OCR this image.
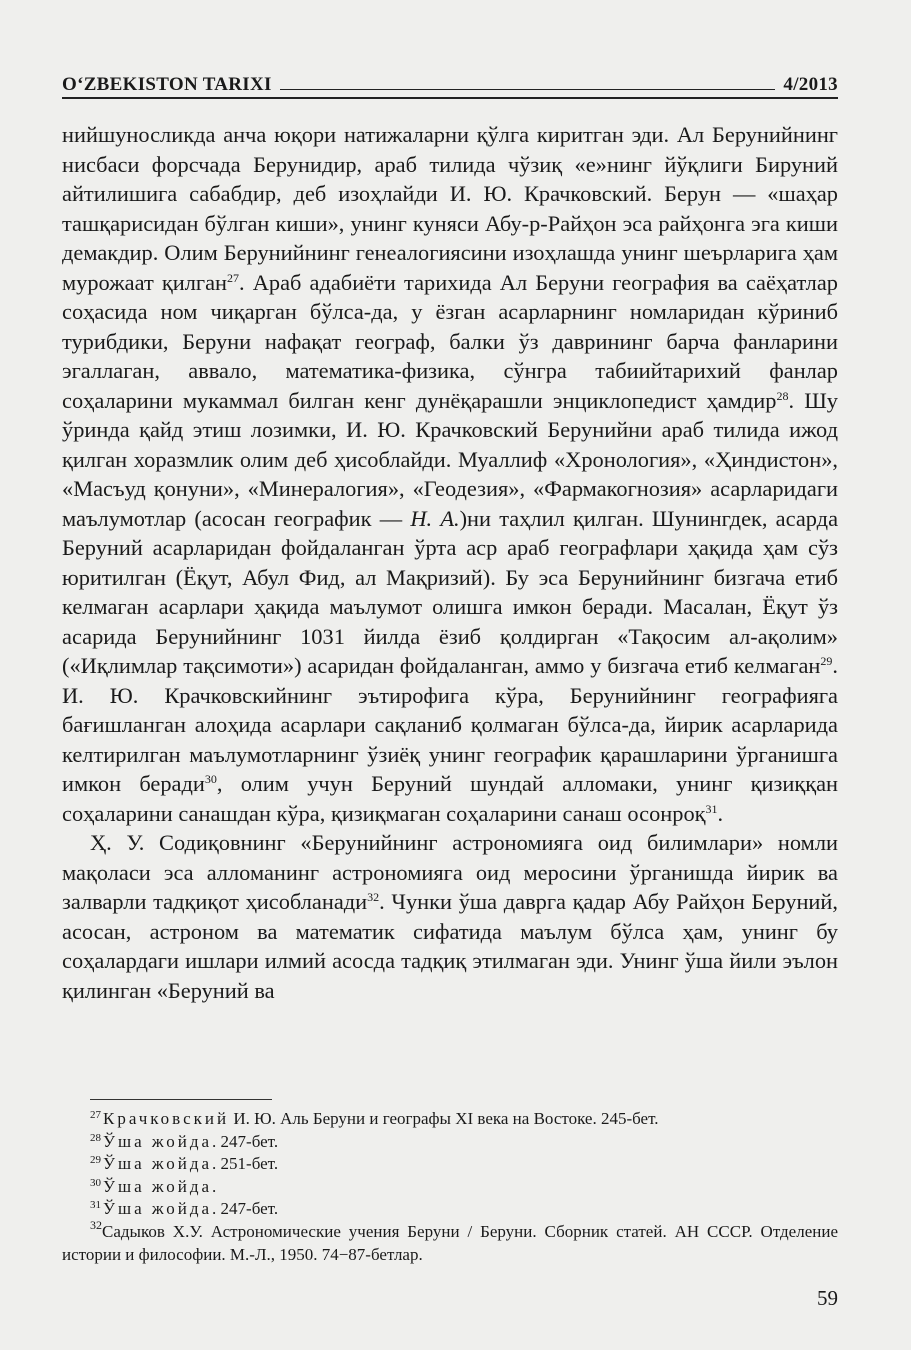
O‘ZBEKISTON TARIXI	4/2013

нийшуносликда анча юқори натижаларни қўлга киритган эди. Ал Берунийнинг нисбаси форсчада Берунидир, араб тилида чўзиқ «е»нинг йўқлиги Бируний айтилишига сабабдир, деб изоҳлайди И. Ю. Крачковский. Берун — «шаҳар ташқарисидан бўлган киши», унинг куняси Абу-р-Райҳон эса райҳонга эга киши демакдир. Олим Берунийнинг генеалогиясини изоҳлашда унинг шеърларига ҳам мурожаат қилган$^{27}$. Араб адабиёти тарихида Ал Беруни география ва саёҳатлар соҳасида ном чиқарган бўлса-да, у ёзган асарларнинг номларидан кўриниб турибдики, Беруни нафақат географ, балки ўз даврининг барча фанларини эгаллаган, аввало, математика-физика, сўнгра табиийтарихий фанлар соҳаларини мукаммал билган кенг дунёқарашли энциклопедист ҳамдир$^{28}$. Шу ўринда қайд этиш лозимки, И. Ю. Крачковский Берунийни араб тилида ижод қилган хоразмлик олим деб ҳисоблайди. Муаллиф «Хронология», «Ҳиндистон», «Масъуд қонуни», «Минералогия», «Геодезия», «Фармакогнозия» асарларидаги маълумотлар (асосан географик — Н. А.)ни таҳлил қилган. Шунингдек, асарда Беруний асарларидан фойдаланган ўрта аср араб географлари ҳақида ҳам сўз юритилган (Ёқут, Абул Фид, ал Мақризий). Бу эса Берунийнинг бизгача етиб келмаган асарлари ҳақида маълумот олишга имкон беради. Масалан, Ёқут ўз асарида Берунийнинг 1031 йилда ёзиб қолдирган «Тақосим ал-ақолим» («Иқлимлар тақсимоти») асаридан фойдаланган, аммо у бизгача етиб келмаган$^{29}$. И. Ю. Крачковскийнинг эътирофига кўра, Берунийнинг географияга бағишланган алоҳида асарлари сақланиб қолмаган бўлса-да, йирик асарларида келтирилган маълумотларнинг ўзиёқ унинг географик қарашларини ўрганишга имкон беради$^{30}$, олим учун Беруний шундай алломаки, унинг қизиққан соҳаларини санашдан кўра, қизиқмаган соҳаларини санаш осонроқ$^{31}$.

Ҳ. У. Содиқовнинг «Берунийнинг астрономияга оид билимлари» номли мақоласи эса алломанинг астрономияга оид меросини ўрганишда йирик ва залварли тадқиқот ҳисобланади$^{32}$. Чунки ўша даврга қадар Абу Райҳон Беруний, асосан, астроном ва математик сифатида маълум бўлса ҳам, унинг бу соҳалардаги ишлари илмий асосда тадқиқ этилмаган эди. Унинг ўша йили эълон қилинган «Беруний ва

$^{27}$ Крачковский И. Ю. Аль Беруни и географы XI века на Востоке. 245-бет.

$^{28}$ Ўша жойда. 247-бет.

$^{29}$ Ўша жойда. 251-бет.

$^{30}$ Ўша жойда.

$^{31}$ Ўша жойда. 247-бет.

$^{32}$Садыков Х.У. Астрономические учения Беруни / Беруни. Сборник статей. АН СССР. Отделение истории и философии. М.-Л., 1950. 74−87-бетлар.

59
